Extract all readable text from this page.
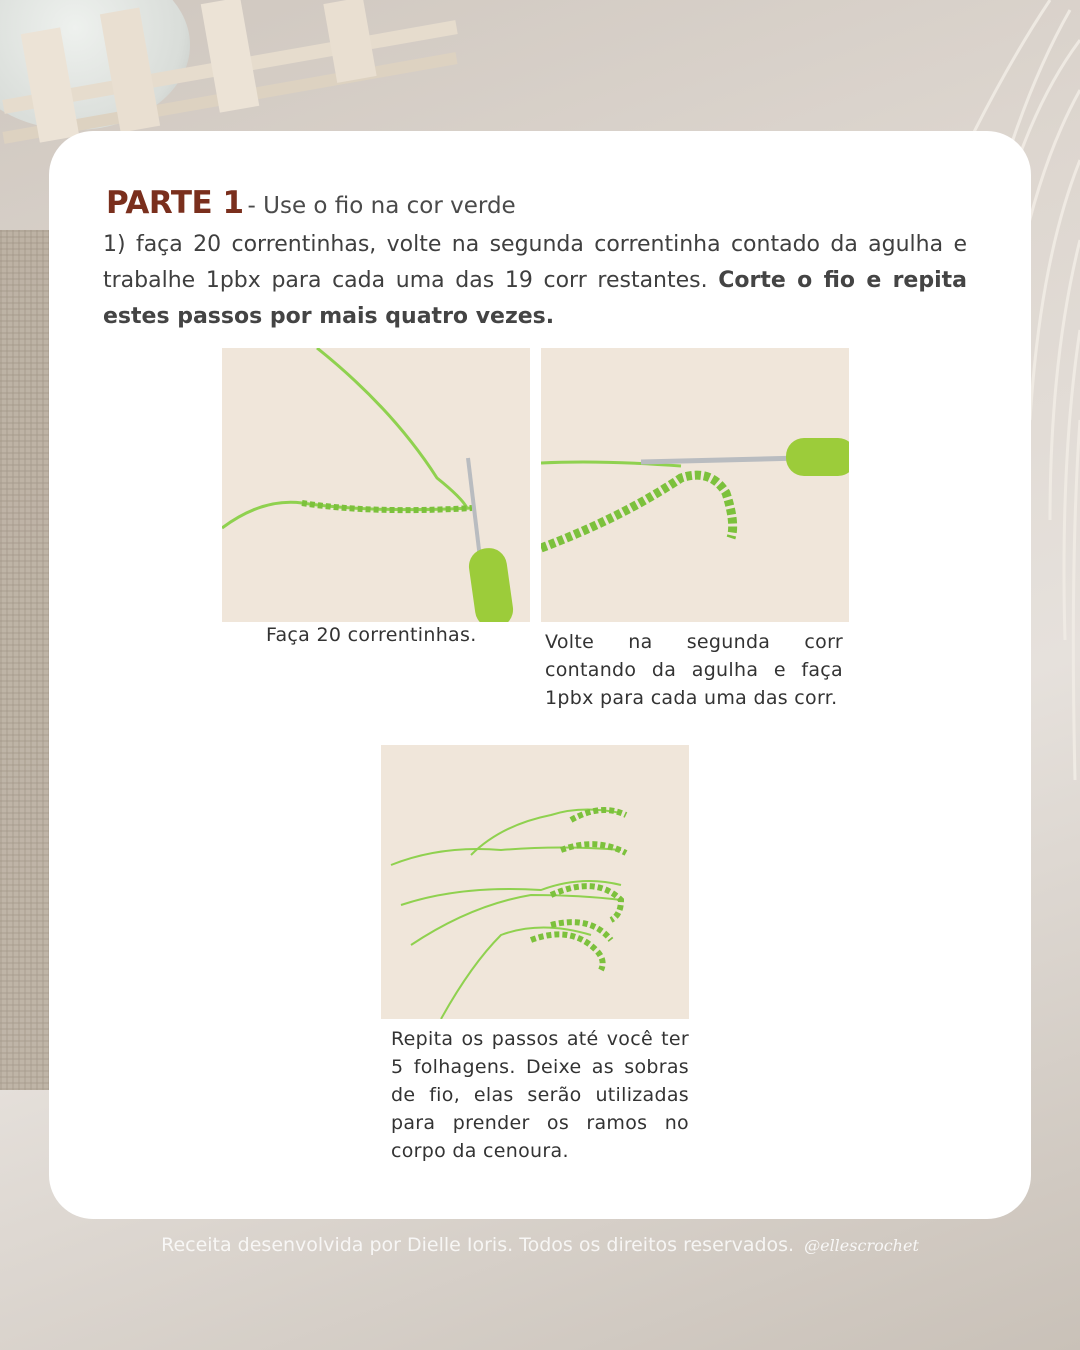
PARTE 1 - Use o fio na cor verde

1) faça 20 correntinhas, volte na segunda correntinha contado da agulha e trabalhe 1pbx para cada uma das 19 corr restantes. Corte o fio e repita estes passos por mais quatro vezes.

Faça 20 correntinhas.	Volte na segunda corr contando da agulha e faça 1pbx para cada uma das corr.

Repita os passos até você ter 5 folhagens. Deixe as sobras de fio, elas serão utilizadas para prender os ramos no corpo da cenoura.

Receita desenvolvida por Dielle Ioris. Todos os direitos reservados. @ellescrochet
